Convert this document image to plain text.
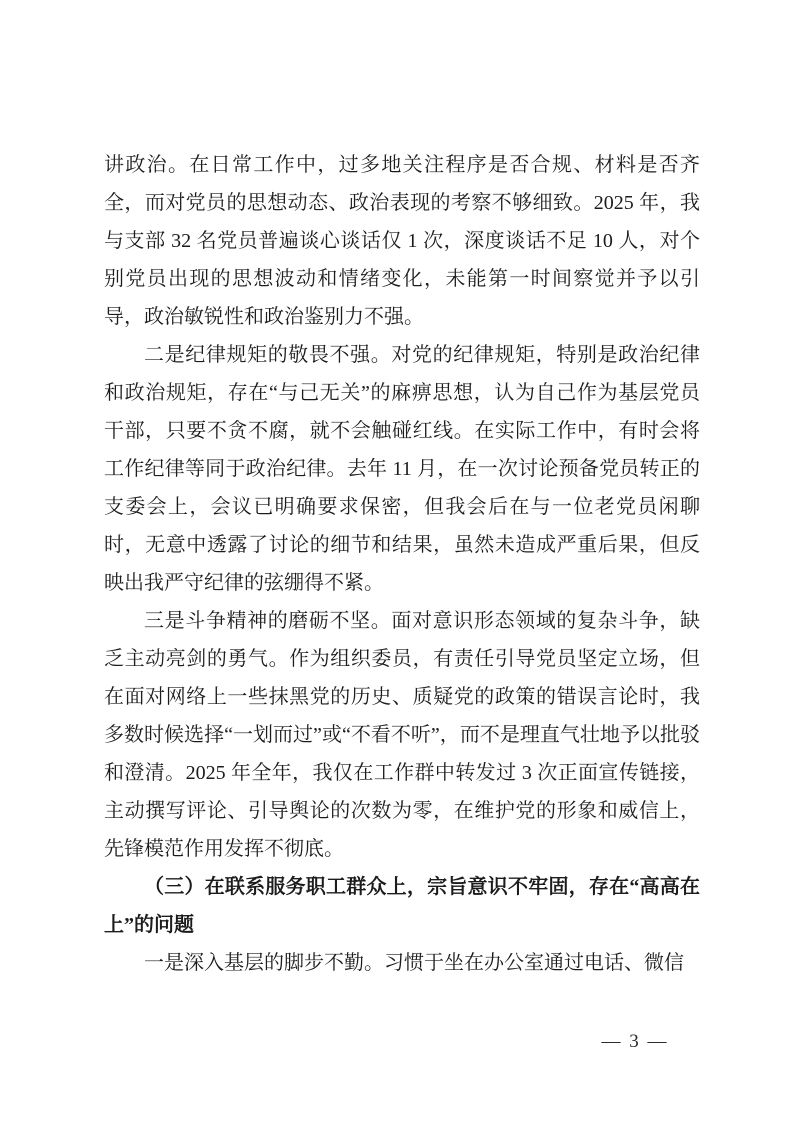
讲政治。在日常工作中，过多地关注程序是否合规、材料是否齐全，而对党员的思想动态、政治表现的考察不够细致。2025 年，我与支部 32 名党员普遍谈心谈话仅 1 次，深度谈话不足 10 人，对个别党员出现的思想波动和情绪变化，未能第一时间察觉并予以引导，政治敏锐性和政治鉴别力不强。

二是纪律规矩的敬畏不强。对党的纪律规矩，特别是政治纪律和政治规矩，存在“与己无关”的麻痹思想，认为自己作为基层党员干部，只要不贪不腐，就不会触碰红线。在实际工作中，有时会将工作纪律等同于政治纪律。去年 11 月，在一次讨论预备党员转正的支委会上，会议已明确要求保密，但我会后在与一位老党员闲聊时，无意中透露了讨论的细节和结果，虽然未造成严重后果，但反映出我严守纪律的弦绷得不紧。

三是斗争精神的磨砺不坚。面对意识形态领域的复杂斗争，缺乏主动亮剑的勇气。作为组织委员，有责任引导党员坚定立场，但在面对网络上一些抹黑党的历史、质疑党的政策的错误言论时，我多数时候选择“一划而过”或“不看不听”，而不是理直气壮地予以批驳和澄清。2025 年全年，我仅在工作群中转发过 3 次正面宣传链接，主动撰写评论、引导舆论的次数为零，在维护党的形象和威信上，先锋模范作用发挥不彻底。

（三）在联系服务职工群众上，宗旨意识不牢固，存在“高高在上”的问题

一是深入基层的脚步不勤。习惯于坐在办公室通过电话、微信

— 3 —
